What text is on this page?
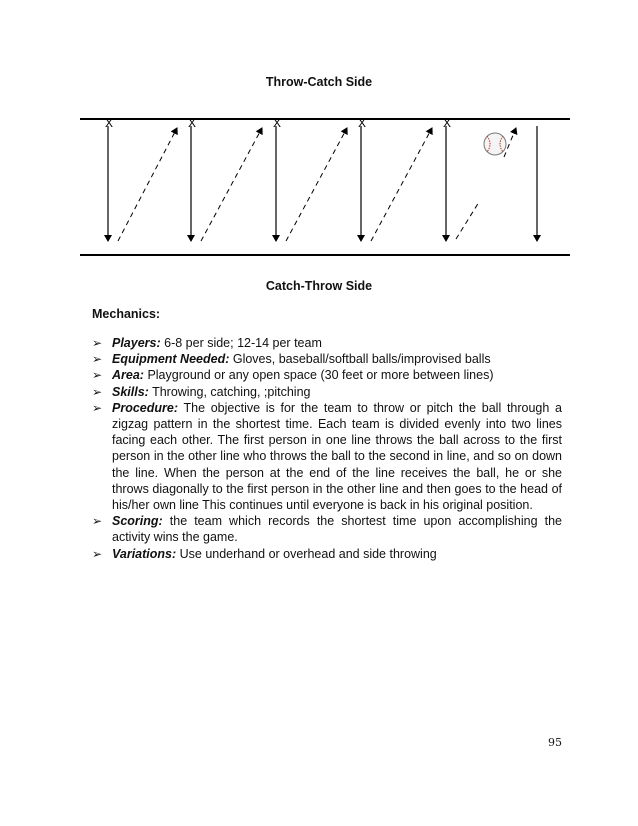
Throw-Catch Side
X	X	X	X	X
Catch-Throw Side
Mechanics:
➢ Players: 6-8 per side; 12-14 per team
➢ Equipment Needed: Gloves, baseball/softball balls/improvised balls
➢ Area: Playground or any open space (30 feet or more between lines)
➢ Skills: Throwing, catching, ;pitching
➢ Procedure: The objective is for the team to throw or pitch the ball through a zigzag pattern in the shortest time. Each team is divided evenly into two lines facing each other. The first person in one line throws the ball across to the first person in the other line who throws the ball to the second in line, and so on down the line. When the person at the end of the line receives the ball, he or she throws diagonally to the first person in the other line and then goes to the head of his/her own line This continues until everyone is back in his original position.
➢ Scoring: the team which records the shortest time upon accomplishing the activity wins the game.
➢ Variations: Use underhand or overhead and side throwing
95
